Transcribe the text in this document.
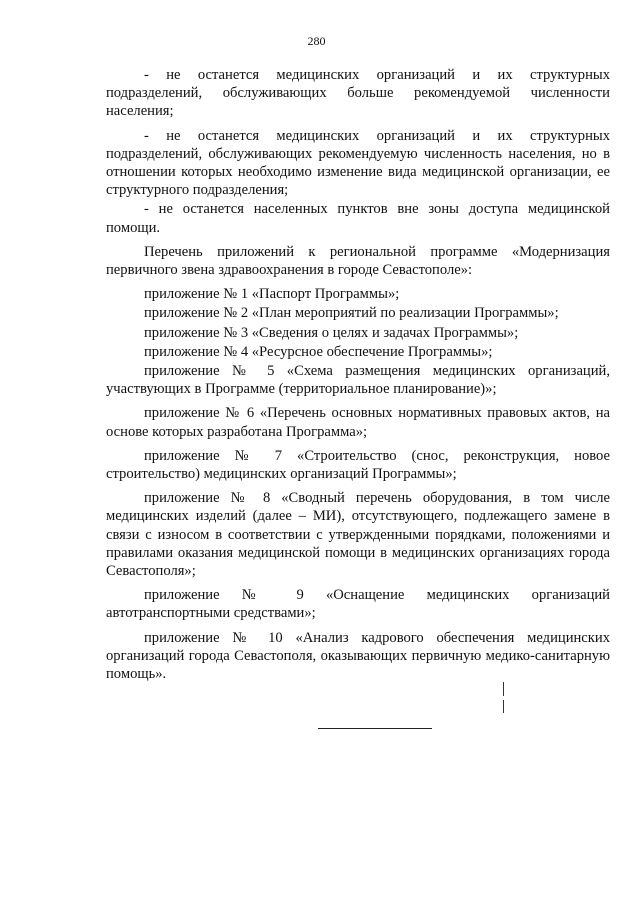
280

- не останется медицинских организаций и их структурных подразделений, обслуживающих больше рекомендуемой численности населения;

- не останется медицинских организаций и их структурных подразделений, обслуживающих рекомендуемую численность населения, но в отношении которых необходимо изменение вида медицинской организации, ее структурного подразделения;

- не останется населенных пунктов вне зоны доступа медицинской помощи.

Перечень приложений к региональной программе «Модернизация первичного звена здравоохранения в городе Севастополе»:

приложение № 1 «Паспорт Программы»;

приложение № 2 «План мероприятий по реализации Программы»;

приложение № 3 «Сведения о целях и задачах Программы»;

приложение № 4 «Ресурсное обеспечение Программы»;

приложение № 5 «Схема размещения медицинских организаций, участвующих в Программе (территориальное планирование)»;

приложение № 6 «Перечень основных нормативных правовых актов, на основе которых разработана Программа»;

приложение № 7 «Строительство (снос, реконструкция, новое строительство) медицинских организаций Программы»;

приложение № 8 «Сводный перечень оборудования, в том числе медицинских изделий (далее – МИ), отсутствующего, подлежащего замене в связи с износом в соответствии с утвержденными порядками, положениями и правилами оказания медицинской помощи в медицинских организациях города Севастополя»;

приложение № 9 «Оснащение медицинских организаций автотранспортными средствами»;

приложение № 10 «Анализ кадрового обеспечения медицинских организаций города Севастополя, оказывающих первичную медико-санитарную помощь».
